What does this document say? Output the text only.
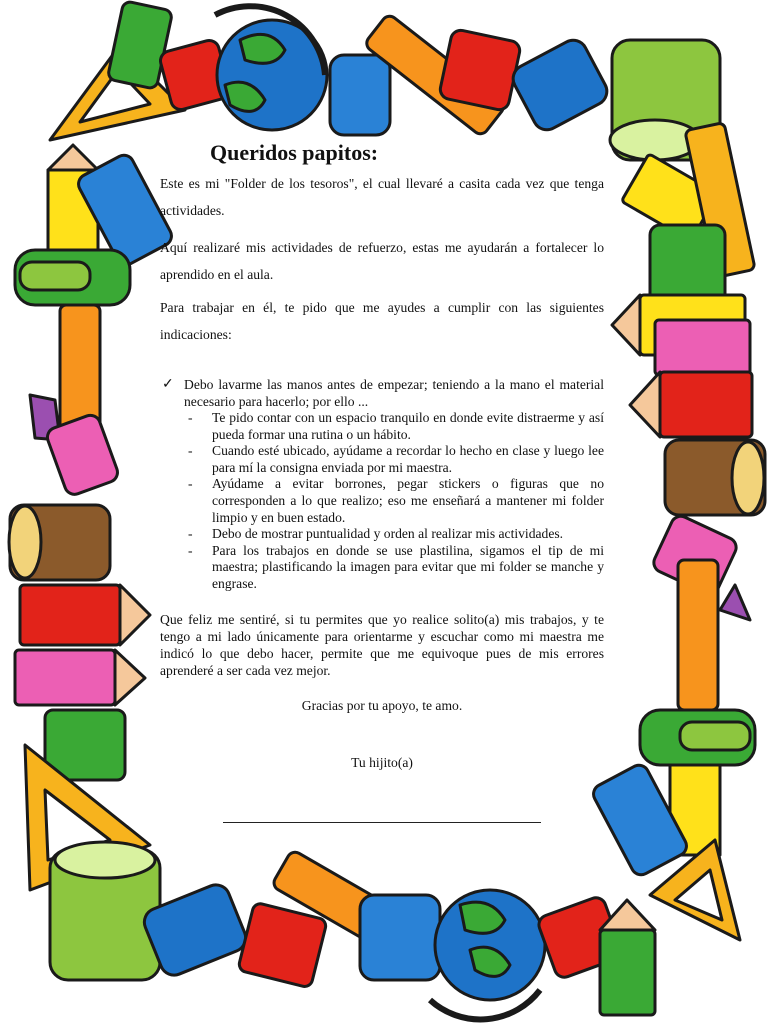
Queridos papitos:

Este es mi "Folder de los tesoros", el cual llevaré a casita cada vez que tenga actividades.

Aquí realizaré mis actividades de refuerzo, estas me ayudarán a fortalecer lo aprendido en el aula.

Para trabajar en él, te pido que me ayudes a cumplir con las siguientes indicaciones:

✓ Debo lavarme las manos antes de empezar; teniendo a la mano el material necesario para hacerlo; por ello ...
- Te pido contar con un espacio tranquilo en donde evite distraerme y así pueda formar una rutina o un hábito.
- Cuando esté ubicado, ayúdame a recordar lo hecho en clase y luego lee para mí la consigna enviada por mi maestra.
- Ayúdame a evitar borrones, pegar stickers o figuras que no corresponden a lo que realizo; eso me enseñará a mantener mi folder limpio y en buen estado.
- Debo de mostrar puntualidad y orden al realizar mis actividades.
- Para los trabajos en donde se use plastilina, sigamos el tip de mi maestra; plastificando la imagen para evitar que mi folder se manche y engrase.

Que feliz me sentiré, si tu permites que yo realice solito(a) mis trabajos, y te tengo a mi lado únicamente para orientarme y escuchar como mi maestra me indicó lo que debo hacer, permite que me equivoque pues de mis errores aprenderé a ser cada vez mejor.

Gracias por tu apoyo, te amo.

Tu hijito(a)
